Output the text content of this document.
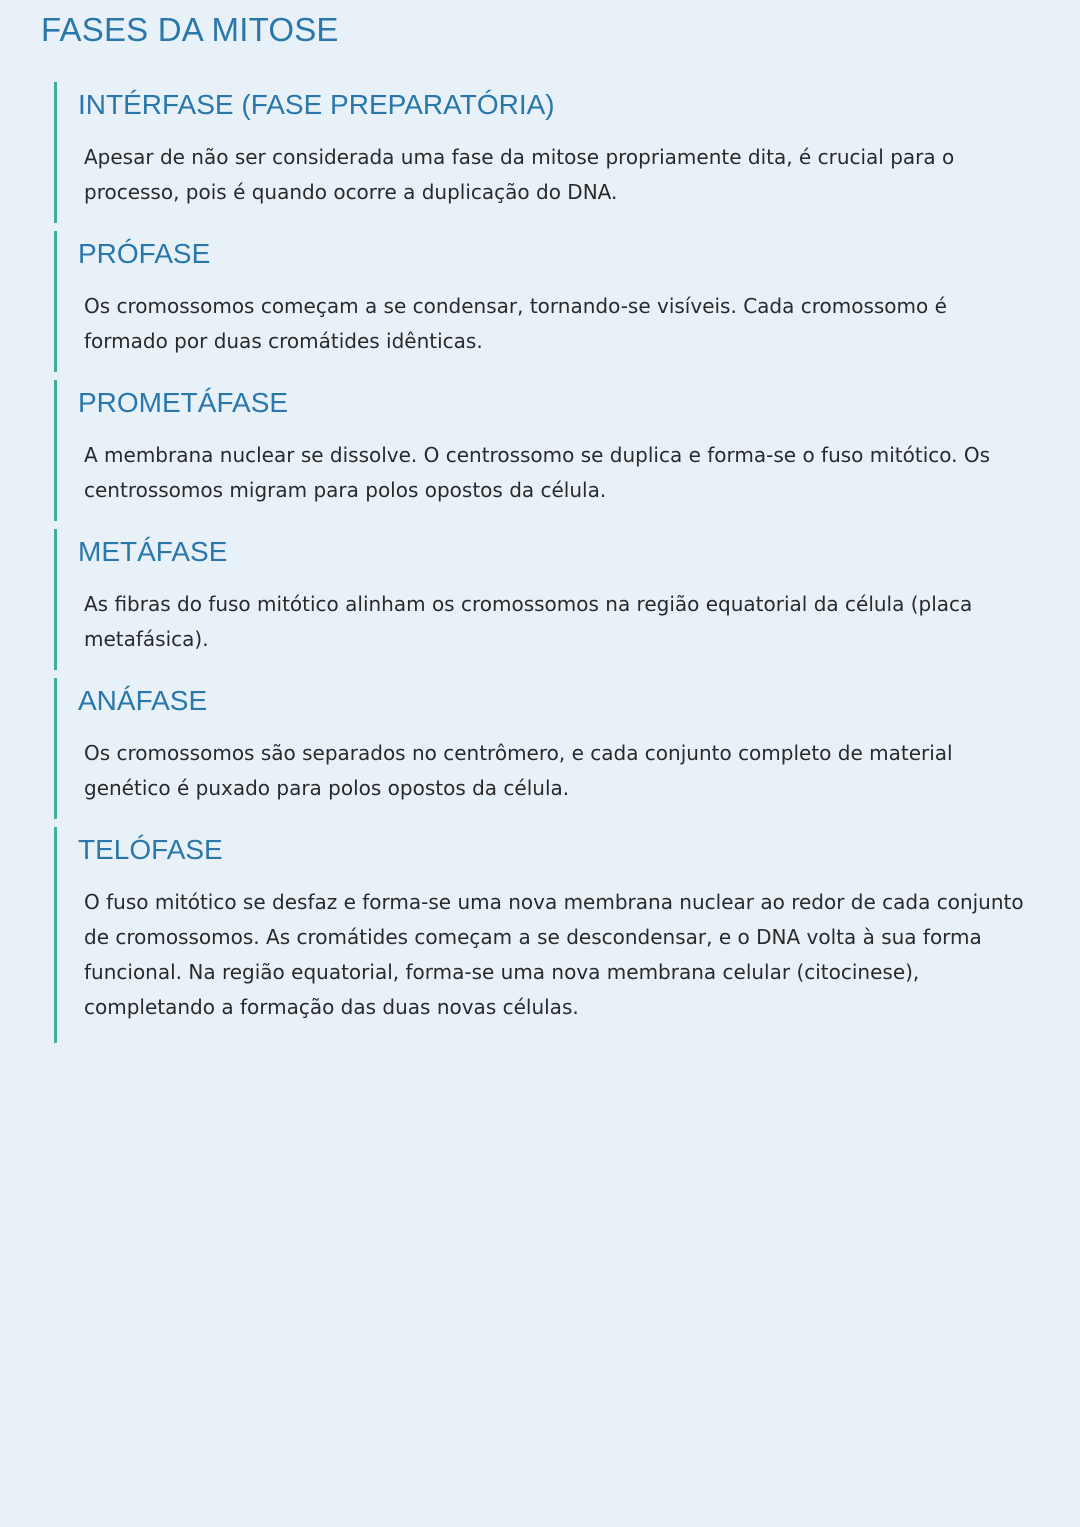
FASES DA MITOSE
INTÉRFASE (FASE PREPARATÓRIA)

Apesar de não ser considerada uma fase da mitose propriamente dita, é crucial para o processo, pois é quando ocorre a duplicação do DNA.

PRÓFASE

Os cromossomos começam a se condensar, tornando-se visíveis. Cada cromossomo é formado por duas cromátides idênticas.

PROMETÁFASE

A membrana nuclear se dissolve. O centrossomo se duplica e forma-se o fuso mitótico. Os centrossomos migram para polos opostos da célula.

METÁFASE

As fibras do fuso mitótico alinham os cromossomos na região equatorial da célula (placa metafásica).

ANÁFASE

Os cromossomos são separados no centrômero, e cada conjunto completo de material genético é puxado para polos opostos da célula.

TELÓFASE

O fuso mitótico se desfaz e forma-se uma nova membrana nuclear ao redor de cada conjunto de cromossomos. As cromátides começam a se descondensar, e o DNA volta à sua forma funcional. Na região equatorial, forma-se uma nova membrana celular (citocinese), completando a formação das duas novas células.
